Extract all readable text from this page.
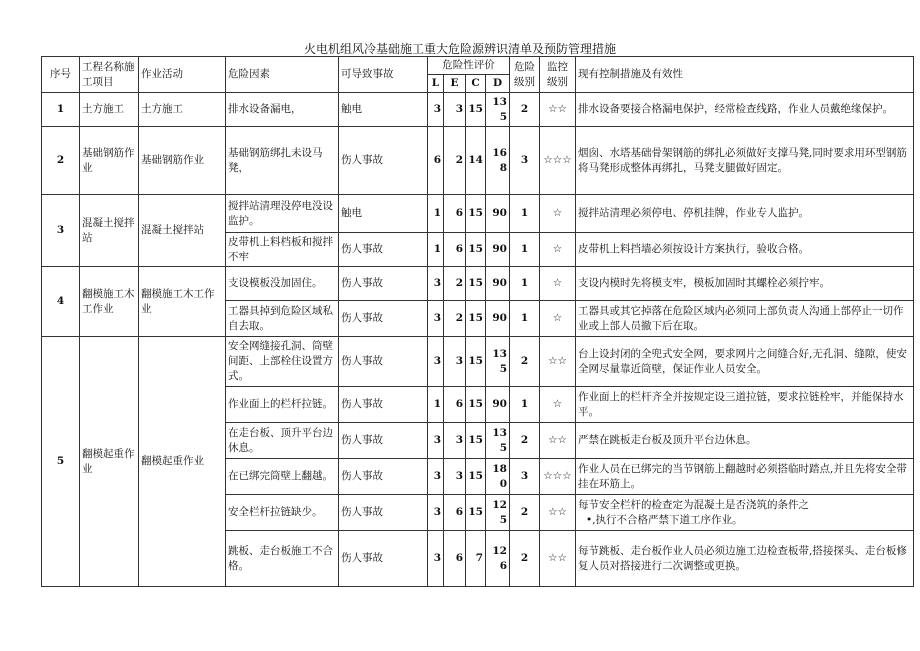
火电机组风冷基础施工重大危险源辨识清单及预防管理措施
序号	工程名称施工项目	作业活动	危险因素	可导致事故	危险性评价				危险级别	监控级别	现有控制措施及有效性
					L	E	C	D			
1	土方施工	土方施工	排水设备漏电，	触电	3	3	15	135	2	☆☆	排水设备要接合格漏电保护，经常检查线路，作业人员戴绝缘保护。
2	基础钢筋作业	基础钢筋作业	基础钢筋绑扎未设马凳，	伤人事故	6	2	14	168	3	☆☆☆	烟囱、水塔基础骨架钢筋的绑扎必须做好支撑马凳,同时要求用环型钢筋将马凳形成整体再绑扎，马凳支腿做好固定。
3	混凝土搅拌站	混凝土搅拌站	搅拌站清理没停电没设监护。	触电	1	6	15	90	1	☆	搅拌站清理必须停电、停机挂牌，作业专人监护。
			皮带机上料档板和搅拌不牢	伤人事故	1	6	15	90	1	☆	皮带机上料挡墙必须按设计方案执行，验收合格。
4	翻模施工木工作业	翻模施工木工作业	支设模板没加固住。	伤人事故	3	2	15	90	1	☆	支设内模时先将模支牢，模板加固时其螺栓必须拧牢。
			工器具掉到危险区域私自去取。	伤人事故	3	2	15	90	1	☆	工器具或其它掉落在危险区域内必须同上部负责人沟通上部停止一切作业或上部人员撤下后在取。
5	翻模起重作业	翻模起重作业	安全网缝接孔洞、筒壁间距、上部栓住设置方式。	伤人事故	3	3	15	135	2	☆☆	台上设封闭的全兜式安全网，要求网片之间缝合好,无孔洞、缝隙，使安全网尽量靠近筒壁，保证作业人员安全。
			作业面上的栏杆拉链。	伤人事故	1	6	15	90	1	☆	作业面上的栏杆齐全并按规定设三道拉链，要求拉链栓牢，并能保持水平。
			在走台板、顶升平台边休息。	伤人事故	3	3	15	135	2	☆☆	严禁在跳板走台板及顶升平台边休息。
			在已绑完筒壁上翻越。	伤人事故	3	3	15	180	3	☆☆☆	作业人员在已绑完的当节钢筋上翻越时必须搭临时踏点,并且先将安全带挂在环筋上。
			安全栏杆拉链缺少。	伤人事故	3	6	15	125	2	☆☆	每节安全栏杆的检查定为混凝土是否浇筑的条件之
•,执行不合格严禁下道工序作业。

			跳板、走台板施工不合格。	伤人事故	3	6	7	126	2	☆☆	每节跳板、走台板作业人员必须边施工边检查板带,搭接探头、走台板修复人员对搭接进行二次调整或更换。
